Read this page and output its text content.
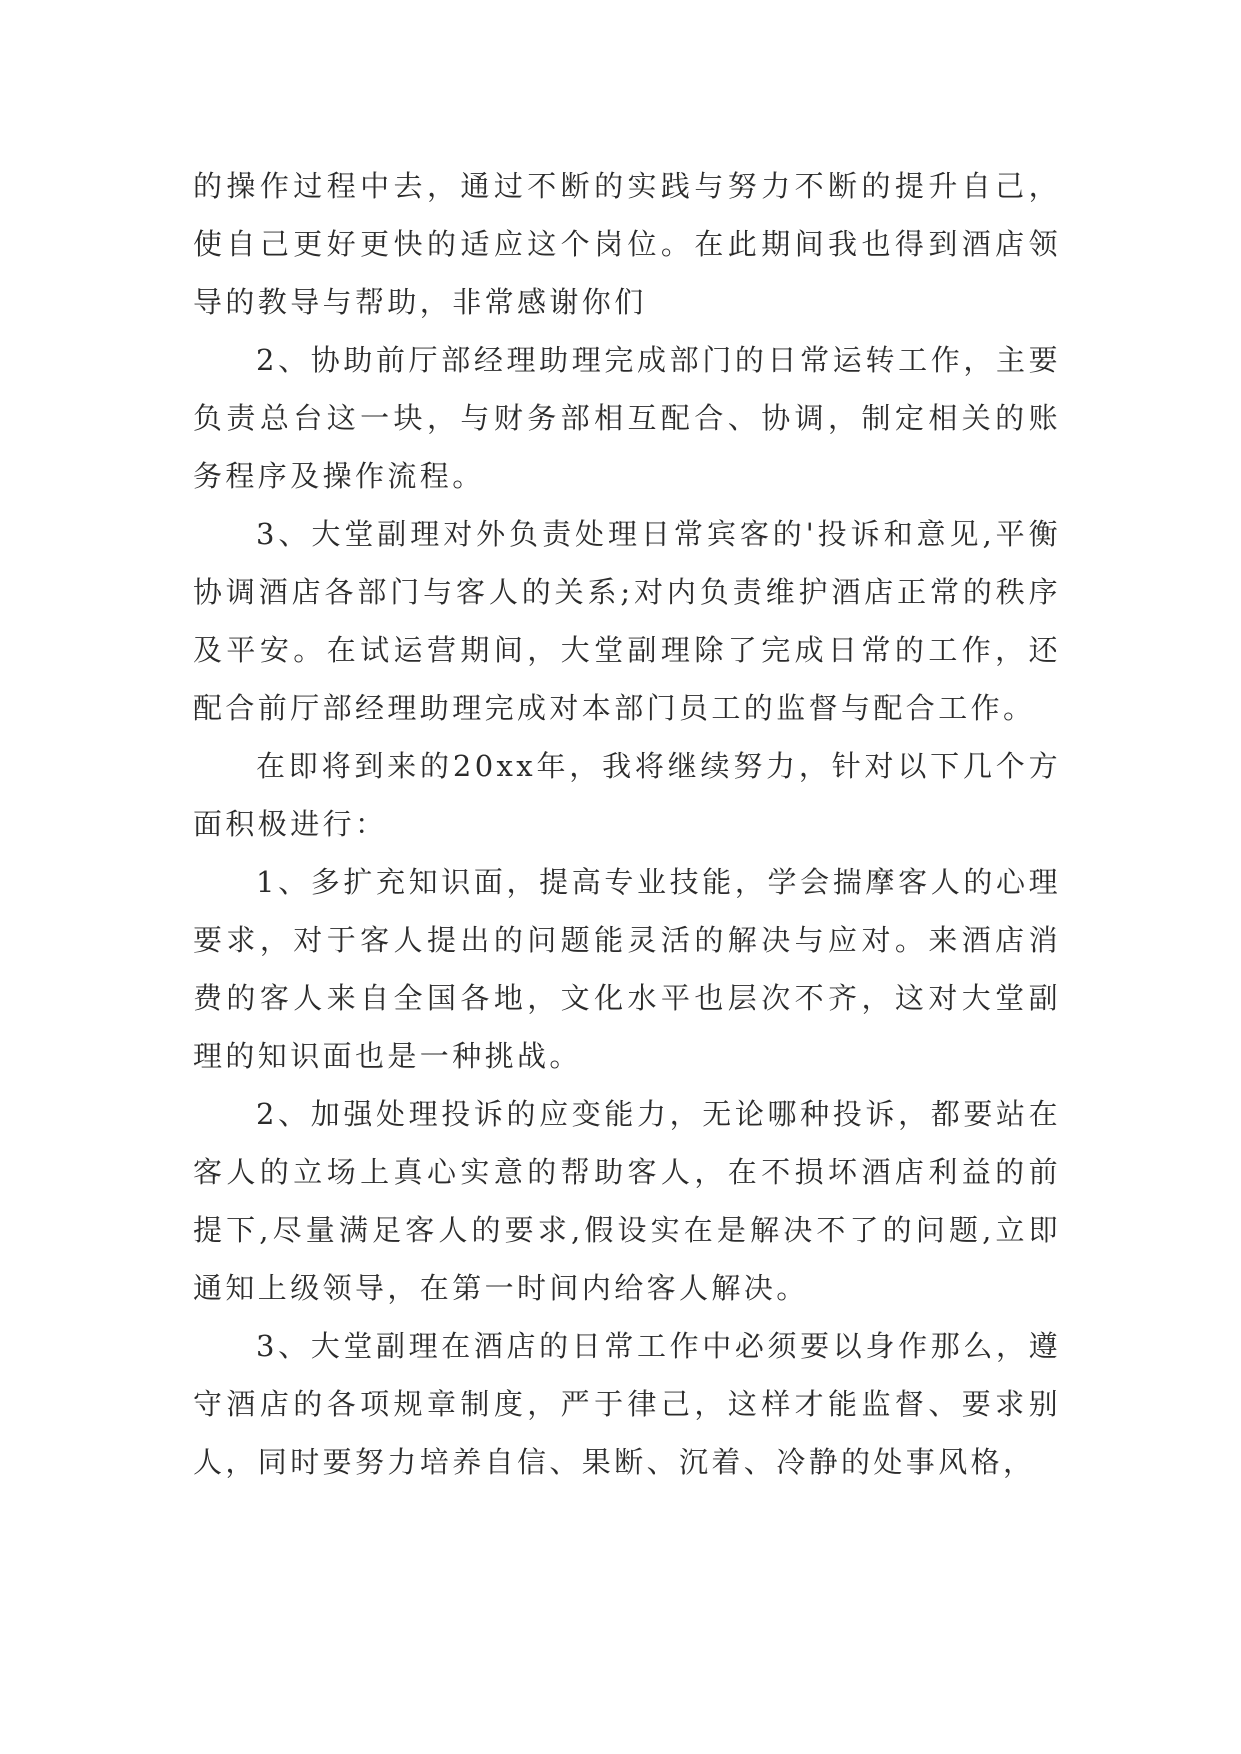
的操作过程中去，通过不断的实践与努力不断的提升自己，使自己更好更快的适应这个岗位。在此期间我也得到酒店领导的教导与帮助，非常感谢你们

2、协助前厅部经理助理完成部门的日常运转工作，主要负责总台这一块，与财务部相互配合、协调，制定相关的账务程序及操作流程。

3、大堂副理对外负责处理日常宾客的'投诉和意见,平衡协调酒店各部门与客人的关系;对内负责维护酒店正常的秩序及平安。在试运营期间，大堂副理除了完成日常的工作，还配合前厅部经理助理完成对本部门员工的监督与配合工作。

在即将到来的20xx年，我将继续努力，针对以下几个方面积极进行：

1、多扩充知识面，提高专业技能，学会揣摩客人的心理要求，对于客人提出的问题能灵活的解决与应对。来酒店消费的客人来自全国各地，文化水平也层次不齐，这对大堂副理的知识面也是一种挑战。

2、加强处理投诉的应变能力，无论哪种投诉，都要站在客人的立场上真心实意的帮助客人，在不损坏酒店利益的前提下,尽量满足客人的要求,假设实在是解决不了的问题,立即通知上级领导，在第一时间内给客人解决。

3、大堂副理在酒店的日常工作中必须要以身作那么，遵守酒店的各项规章制度，严于律己，这样才能监督、要求别人，同时要努力培养自信、果断、沉着、冷静的处事风格，
